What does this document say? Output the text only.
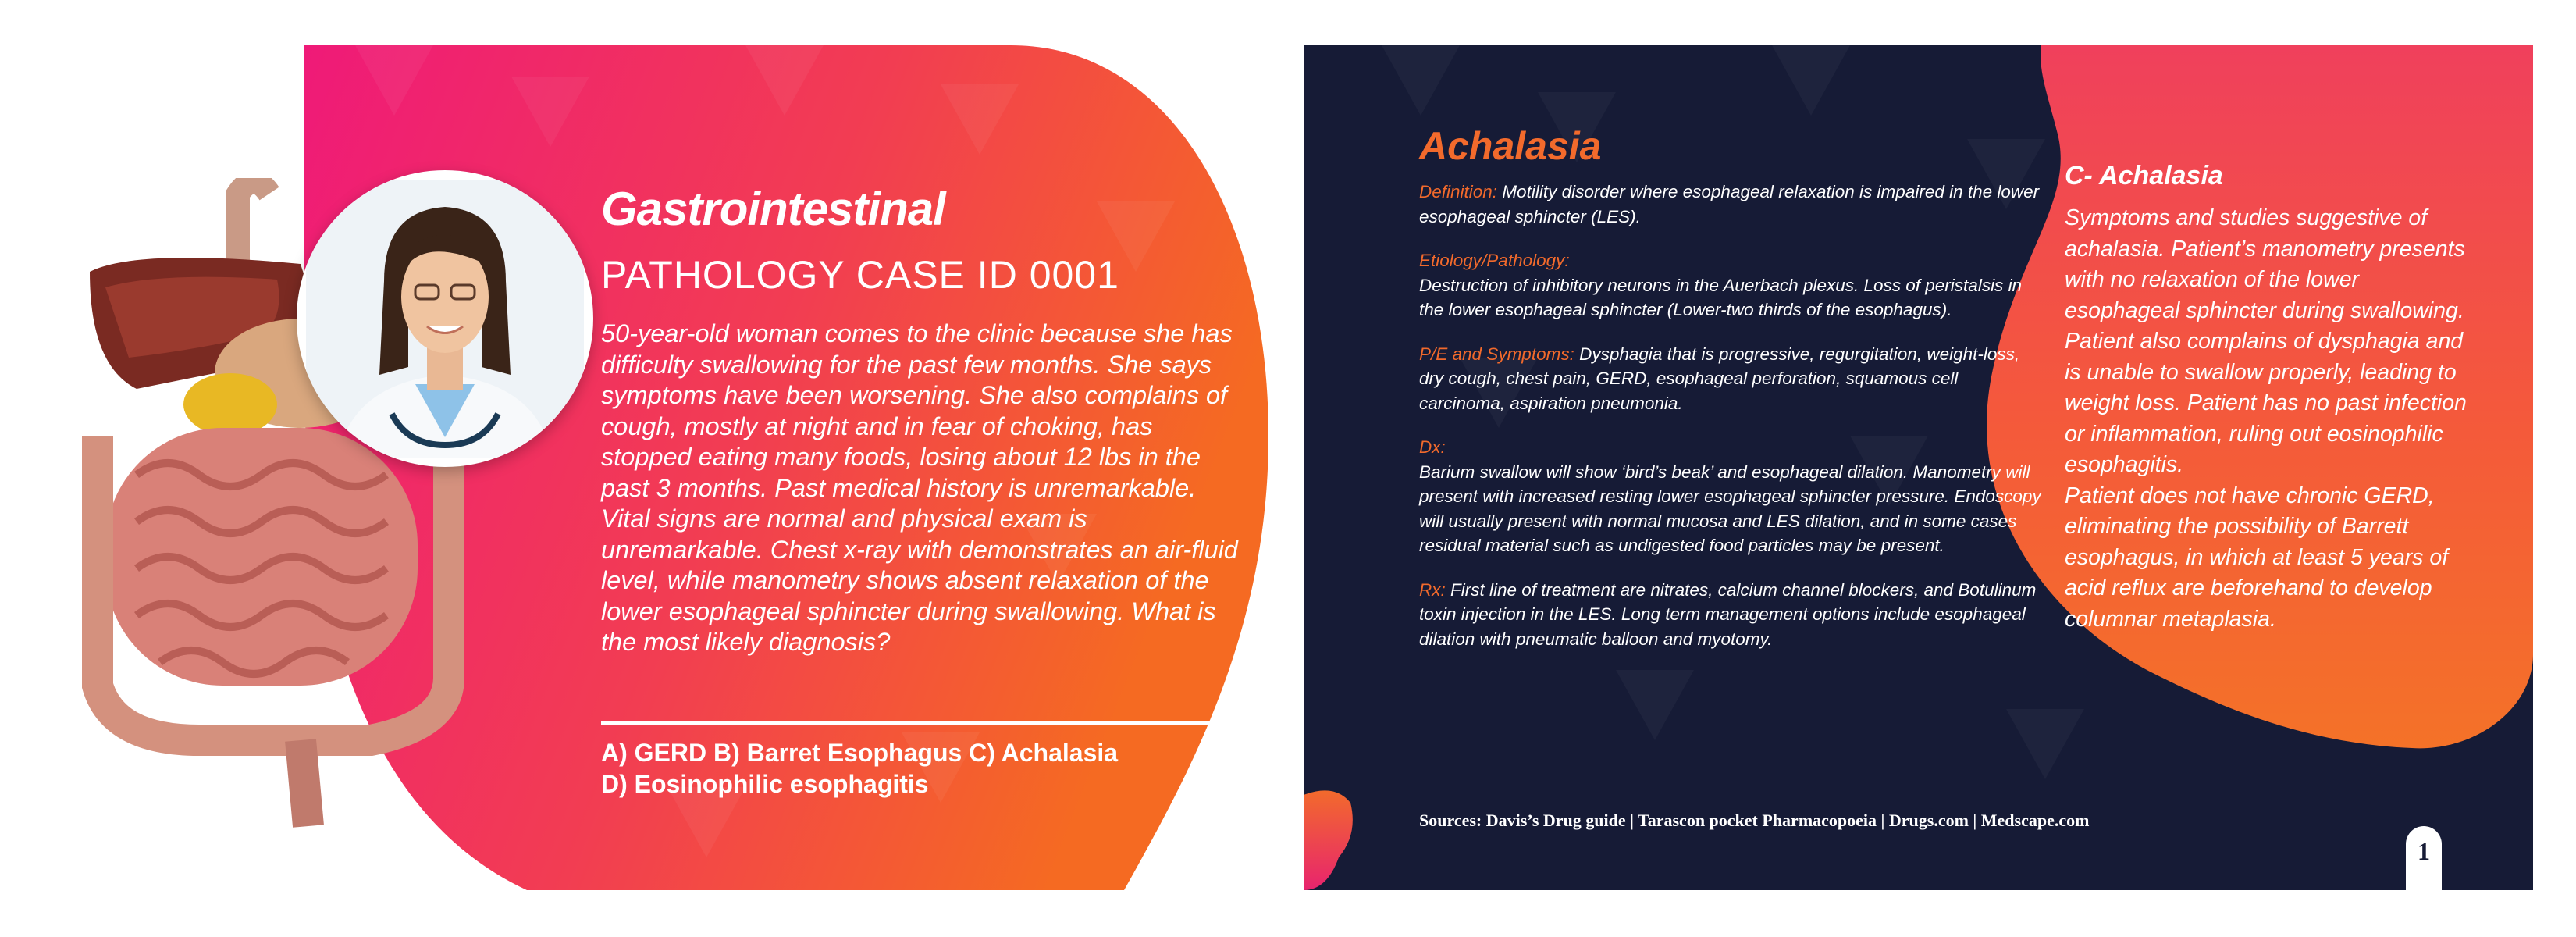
Gastrointestinal
PATHOLOGY CASE ID 0001
50-year-old woman comes to the clinic because she has difficulty swallowing for the past few months. She says symptoms have been worsening. She also complains of cough, mostly at night and in fear of choking, has stopped eating many foods, losing about 12 lbs in the past 3 months. Past medical history is unremarkable. Vital signs are normal and physical exam is unremarkable. Chest x-ray with demonstrates an air-fluid level, while manometry shows absent relaxation of the lower esophageal sphincter during swallowing. What is the most likely diagnosis?
A) GERD B) Barret Esophagus C) Achalasia
D) Eosinophilic esophagitis
Achalasia
Definition: Motility disorder where esophageal relaxation is impaired in the lower esophageal sphincter (LES).
Etiology/Pathology:
Destruction of inhibitory neurons in the Auerbach plexus. Loss of peristalsis in the lower esophageal sphincter (Lower-two thirds of the esophagus).
P/E and Symptoms: Dysphagia that is progressive, regurgitation, weight-loss, dry cough, chest pain, GERD, esophageal perforation, squamous cell carcinoma, aspiration pneumonia.
Dx:
Barium swallow will show ‘bird’s beak’ and esophageal dilation. Manometry will present with increased resting lower esophageal sphincter pressure. Endoscopy will usually present with normal mucosa and LES dilation, and in some cases residual material such as undigested food particles may be present.
Rx: First line of treatment are nitrates, calcium channel blockers, and Botulinum toxin injection in the LES. Long term management options include esophageal dilation with pneumatic balloon and myotomy.
Sources: Davis’s Drug guide | Tarascon pocket Pharmacopoeia | Drugs.com | Medscape.com
C- Achalasia
Symptoms and studies suggestive of achalasia. Patient’s manometry presents with no relaxation of the lower esophageal sphincter during swallowing. Patient also complains of dysphagia and is unable to swallow properly, leading to weight loss. Patient has no past infection or inflammation, ruling out eosinophilic esophagitis.
Patient does not have chronic GERD, eliminating the possibility of Barrett esophagus, in which at least 5 years of acid reflux are beforehand to develop columnar metaplasia.
1
